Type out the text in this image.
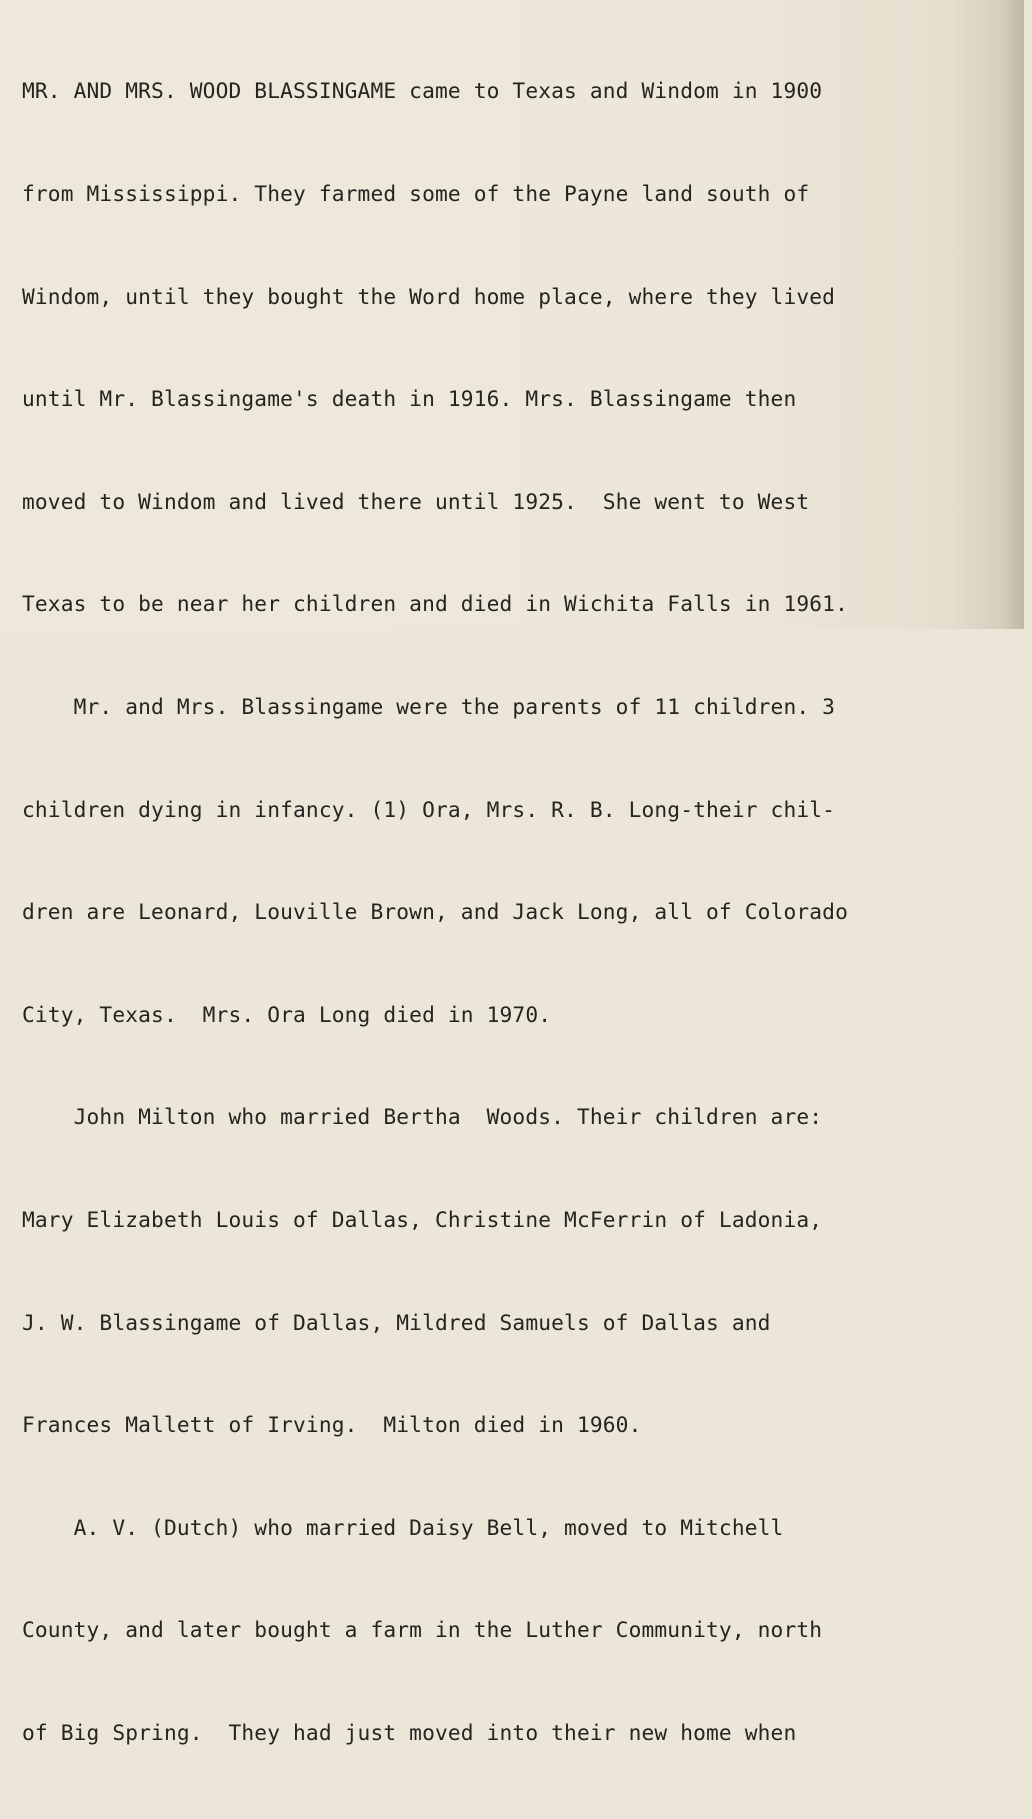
MR. AND MRS. WOOD BLASSINGAME came to Texas and Windom in 1900

from Mississippi. They farmed some of the Payne land south of

Windom, until they bought the Word home place, where they lived

until Mr. Blassingame's death in 1916. Mrs. Blassingame then

moved to Windom and lived there until 1925.  She went to West

Texas to be near her children and died in Wichita Falls in 1961.

Mr. and Mrs. Blassingame were the parents of 11 children. 3

children dying in infancy. (1) Ora, Mrs. R. B. Long-their chil-

dren are Leonard, Louville Brown, and Jack Long, all of Colorado

City, Texas.  Mrs. Ora Long died in 1970.

John Milton who married Bertha  Woods. Their children are:

Mary Elizabeth Louis of Dallas, Christine McFerrin of Ladonia,

J. W. Blassingame of Dallas, Mildred Samuels of Dallas and

Frances Mallett of Irving.  Milton died in 1960.

A. V. (Dutch) who married Daisy Bell, moved to Mitchell

County, and later bought a farm in the Luther Community, north

of Big Spring.  They had just moved into their new home when
